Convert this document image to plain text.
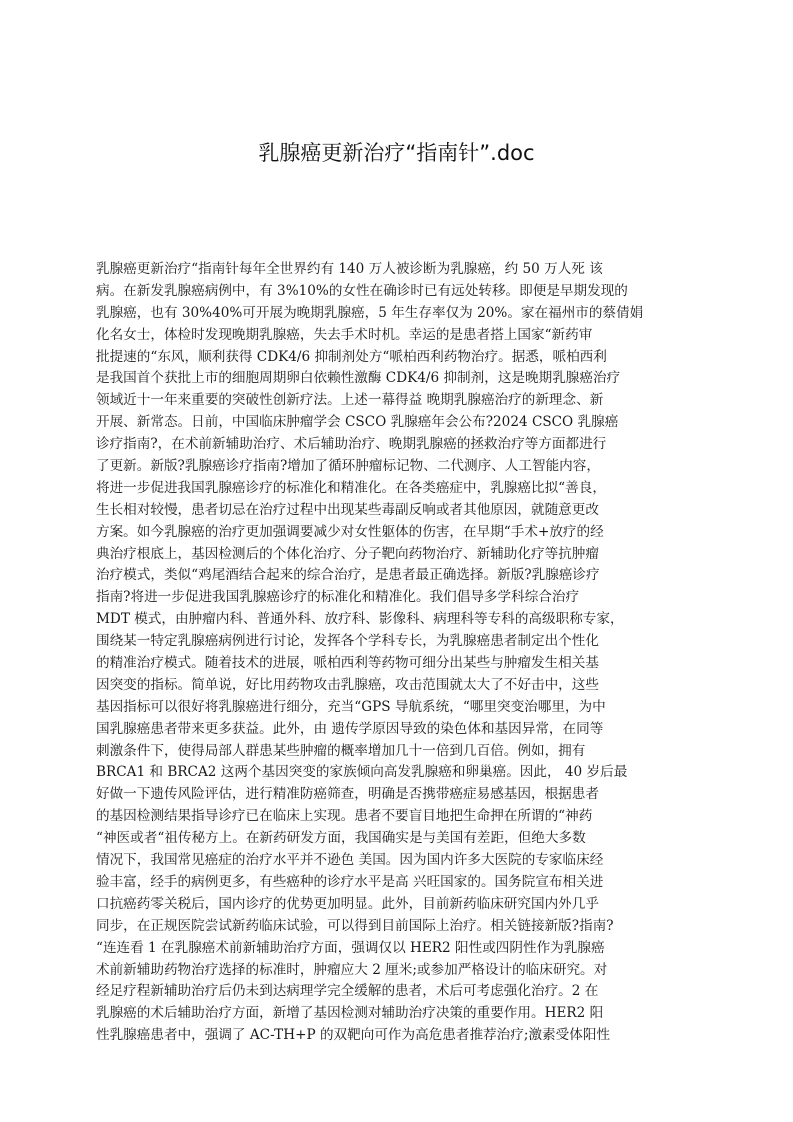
乳腺癌更新治疗“指南针”.doc
乳腺癌更新治疗“指南针每年全世界约有 140 万人被诊断为乳腺癌，约 50 万人死 该
病。在新发乳腺癌病例中，有 3%10%的女性在确诊时已有远处转移。即便是早期发现的
乳腺癌，也有 30%40%可开展为晚期乳腺癌，5 年生存率仅为 20%。家在福州市的蔡倩娟
化名女士，体检时发现晚期乳腺癌，失去手术时机。幸运的是患者搭上国家“新药审
批提速的“东风，顺利获得 CDK4/6 抑制剂处方“哌柏西利药物治疗。据悉，哌柏西利
是我国首个获批上市的细胞周期卵白依赖性激酶 CDK4/6 抑制剂，这是晚期乳腺癌治疗
领域近十一年来重要的突破性创新疗法。上述一幕得益 晚期乳腺癌治疗的新理念、新
开展、新常态。日前，中国临床肿瘤学会 CSCO 乳腺癌年会公布?2024 CSCO 乳腺癌
诊疗指南?，在术前新辅助治疗、术后辅助治疗、晚期乳腺癌的拯救治疗等方面都进行
了更新。新版?乳腺癌诊疗指南?增加了循环肿瘤标记物、二代测序、人工智能内容，
将进一步促进我国乳腺癌诊疗的标准化和精准化。在各类癌症中，乳腺癌比拟“善良，
生长相对较慢，患者切忌在治疗过程中出现某些毒副反响或者其他原因，就随意更改
方案。如今乳腺癌的治疗更加强调要减少对女性躯体的伤害，在早期“手术+放疗的经
典治疗根底上，基因检测后的个体化治疗、分子靶向药物治疗、新辅助化疗等抗肿瘤
治疗模式，类似“鸡尾酒结合起来的综合治疗，是患者最正确选择。新版?乳腺癌诊疗
指南?将进一步促进我国乳腺癌诊疗的标准化和精准化。我们倡导多学科综合治疗
MDT 模式，由肿瘤内科、普通外科、放疗科、影像科、病理科等专科的高级职称专家，
围绕某一特定乳腺癌病例进行讨论，发挥各个学科专长，为乳腺癌患者制定出个性化
的精准治疗模式。随着技术的进展，哌柏西利等药物可细分出某些与肿瘤发生相关基
因突变的指标。简单说，好比用药物攻击乳腺癌，攻击范围就太大了不好击中，这些
基因指标可以很好将乳腺癌进行细分，充当“GPS 导航系统，“哪里突变治哪里，为中
国乳腺癌患者带来更多获益。此外，由 遗传学原因导致的染色体和基因异常，在同等
刺激条件下，使得局部人群患某些肿瘤的概率增加几十一倍到几百倍。例如，拥有
BRCA1 和 BRCA2 这两个基因突变的家族倾向高发乳腺癌和卵巢癌。因此， 40 岁后最
好做一下遗传风险评估，进行精准防癌筛查，明确是否携带癌症易感基因，根据患者
的基因检测结果指导诊疗已在临床上实现。患者不要盲目地把生命押在所谓的“神药
“神医或者“祖传秘方上。在新药研发方面，我国确实是与美国有差距，但绝大多数
情况下，我国常见癌症的治疗水平并不逊色 美国。因为国内许多大医院的专家临床经
验丰富，经手的病例更多，有些癌种的诊疗水平是高 兴旺国家的。国务院宣布相关进
口抗癌药零关税后，国内诊疗的优势更加明显。此外，目前新药临床研究国内外几乎
同步，在正规医院尝试新药临床试验，可以得到目前国际上治疗。相关链接新版?指南?
“连连看 1 在乳腺癌术前新辅助治疗方面，强调仅以 HER2 阳性或四阴性作为乳腺癌
术前新辅助药物治疗选择的标准时，肿瘤应大 2 厘米;或参加严格设计的临床研究。对
经足疗程新辅助治疗后仍未到达病理学完全缓解的患者，术后可考虑强化治疗。2 在
乳腺癌的术后辅助治疗方面，新增了基因检测对辅助治疗决策的重要作用。HER2 阳
性乳腺癌患者中，强调了 AC-TH+P 的双靶向可作为高危患者推荐治疗;激素受体阳性
